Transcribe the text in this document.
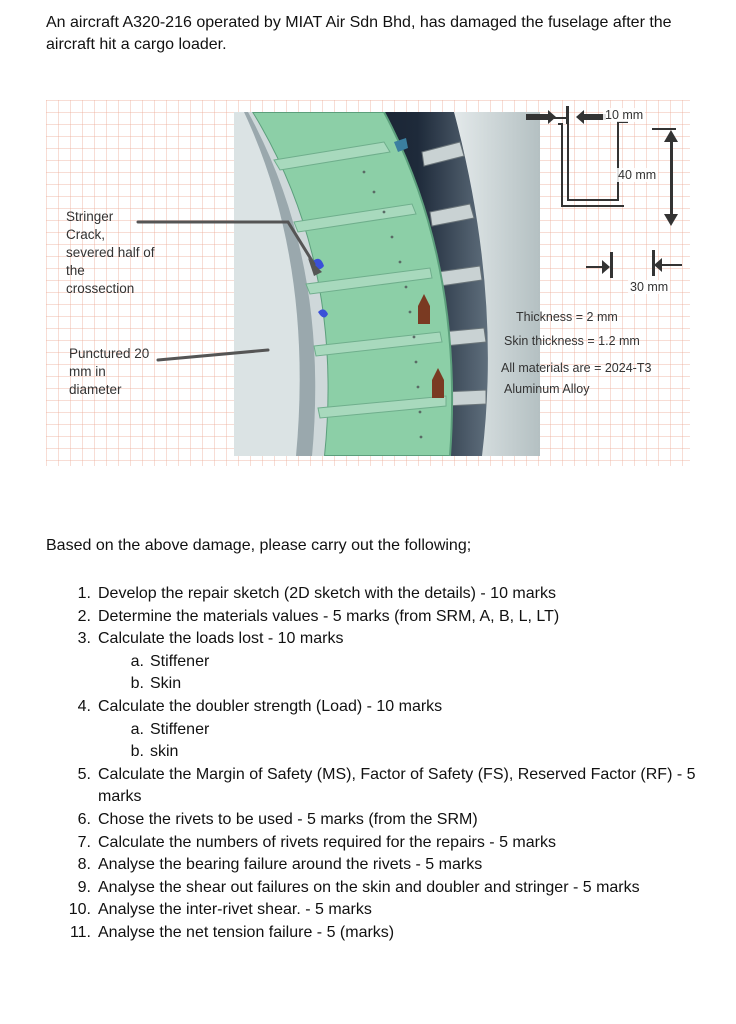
An aircraft A320-216 operated by MIAT Air Sdn Bhd, has damaged the fuselage after the aircraft hit a cargo loader.
Stringer Crack, severed half of the crossection
Punctured 20 mm in diameter
10 mm
40 mm
30 mm
Thickness = 2 mm
Skin thickness = 1.2 mm
All materials are = 2024-T3
Aluminum Alloy
Based on the above damage, please carry out the following;
1. Develop the repair sketch (2D sketch with the details) - 10 marks
2. Determine the materials values - 5 marks (from SRM, A, B, L, LT)
3. Calculate the loads lost - 10 marks
a. Stiffener
b. Skin
4. Calculate the doubler strength (Load) - 10 marks
a. Stiffener
b. skin
5. Calculate the Margin of Safety (MS), Factor of Safety (FS), Reserved Factor (RF) - 5 marks
6. Chose the rivets to be used - 5 marks (from the SRM)
7. Calculate the numbers of rivets required for the repairs - 5 marks
8. Analyse the bearing failure around the rivets - 5 marks
9. Analyse the shear out failures on the skin and doubler and stringer - 5 marks
10. Analyse the inter-rivet shear. - 5 marks
11. Analyse the net tension failure - 5 (marks)
